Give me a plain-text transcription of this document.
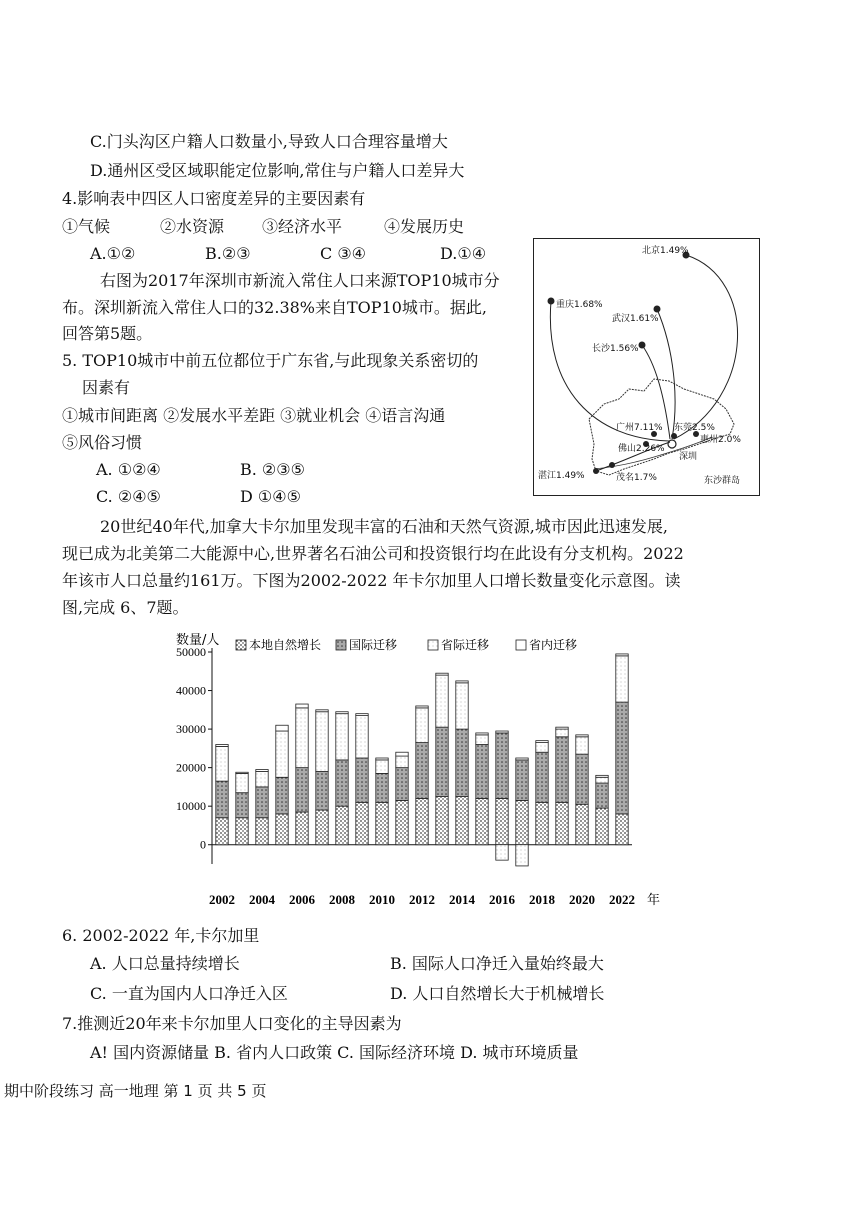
C.门头沟区户籍人口数量小,导致人口合理容量增大
D.通州区受区域职能定位影响,常住与户籍人口差异大
4.影响表中四区人口密度差异的主要因素有
①气候	②水资源 ③经济水平	④发展历史
A.①②	B.②③	C ③④	D.①④
右图为2017年深圳市新流入常住人口来源TOP10城市分
布。深圳新流入常住人口的32.38%来自TOP10城市。据此,
回答第5题。
5. TOP10城市中前五位都位于广东省,与此现象关系密切的
因素有
①城市间距离 ②发展水平差距 ③就业机会 ④语言沟通
⑤风俗习惯
A. ①②④	B. ②③⑤
C. ②④⑤	D ①④⑤
北京1.49%
重庆1.68%
武汉1.61%
长沙1.56%
广州7.11% 东莞2.5%
佛山2.26%
惠州2.0%
湛江1.49%	茂名1.7%
深圳
东沙群岛
20世纪40年代,加拿大卡尔加里发现丰富的石油和天然气资源,城市因此迅速发展,
现已成为北美第二大能源中心,世界著名石油公司和投资银行均在此设有分支机构。2022
年该市人口总量约161万。下图为2002-2022 年卡尔加里人口增长数量变化示意图。读
图,完成 6、7题。
0
10000
20000
30000
40000
50000
数量/人
2002 2004 2006 2008 2010 2012 2014 2016 2018 2020 2022 年
本地自然增长 国际迁移	省际迁移	省内迁移
6. 2002-2022 年,卡尔加里
A. 人口总量持续增长	B. 国际人口净迁入量始终最大
C. 一直为国内人口净迁入区	D. 人口自然增长大于机械增长
7.推测近20年来卡尔加里人口变化的主导因素为
A! 国内资源储量 B. 省内人口政策 C. 国际经济环境 D. 城市环境质量
期中阶段练习 高一地理 第 1 页 共 5 页
